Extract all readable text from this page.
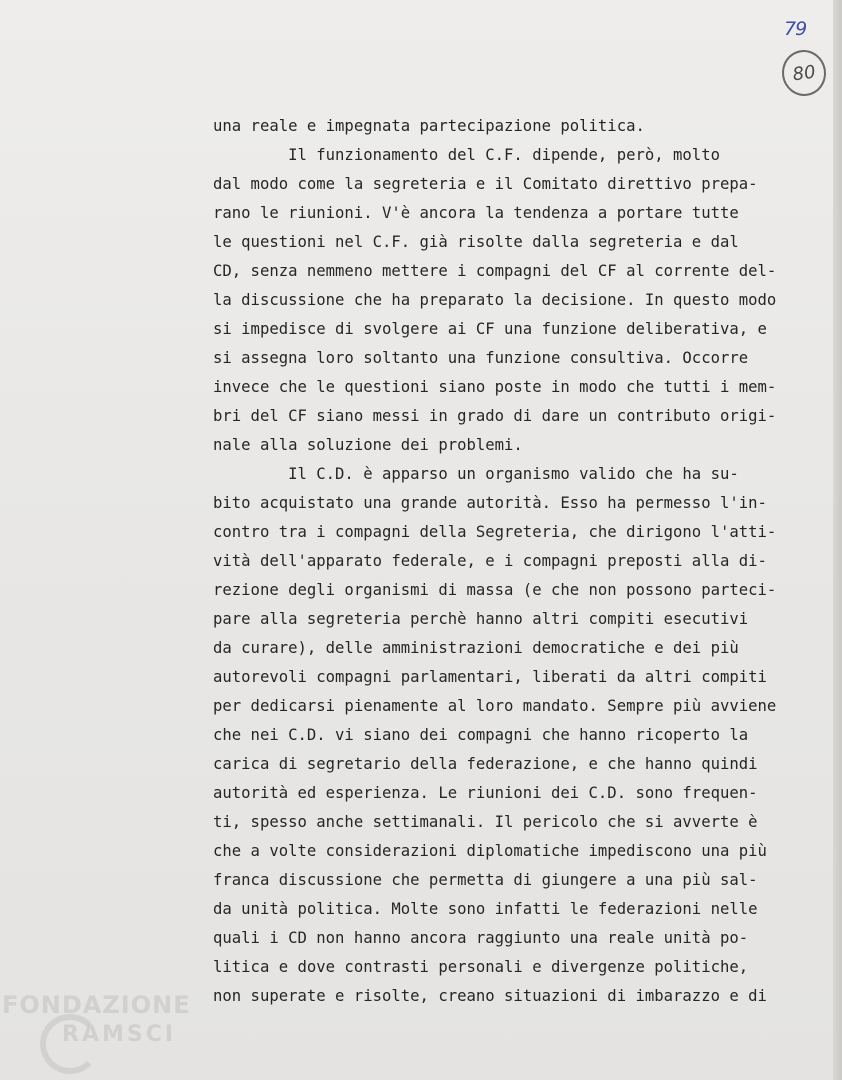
79
80
una reale e impegnata partecipazione politica.
Il funzionamento del C.F. dipende, però, molto
dal modo come la segreteria e il Comitato direttivo prepa-
rano le riunioni. V'è ancora la tendenza a portare tutte
le questioni nel C.F. già risolte dalla segreteria e dal
CD, senza nemmeno mettere i compagni del CF al corrente del-
la discussione che ha preparato la decisione. In questo modo
si impedisce di svolgere ai CF una funzione deliberativa, e
si assegna loro soltanto una funzione consultiva. Occorre
invece che le questioni siano poste in modo che tutti i mem-
bri del CF siano messi in grado di dare un contributo origi-
nale alla soluzione dei problemi.
Il C.D. è apparso un organismo valido che ha su-
bito acquistato una grande autorità. Esso ha permesso l'in-
contro tra i compagni della Segreteria, che dirigono l'atti-
vità dell'apparato federale, e i compagni preposti alla di-
rezione degli organismi di massa (e che non possono parteci-
pare alla segreteria perchè hanno altri compiti esecutivi
da curare), delle amministrazioni democratiche e dei più
autorevoli compagni parlamentari, liberati da altri compiti
per dedicarsi pienamente al loro mandato. Sempre più avviene
che nei C.D. vi siano dei compagni che hanno ricoperto la
carica di segretario della federazione, e che hanno quindi
autorità ed esperienza. Le riunioni dei C.D. sono frequen-
ti, spesso anche settimanali. Il pericolo che si avverte è
che a volte considerazioni diplomatiche impediscono una più
franca discussione che permetta di giungere a una più sal-
da unità politica. Molte sono infatti le federazioni nelle
quali i CD non hanno ancora raggiunto una reale unità po-
litica e dove contrasti personali e divergenze politiche,
non superate e risolte, creano situazioni di imbarazzo e di
FONDAZIONE
RAMSCI
